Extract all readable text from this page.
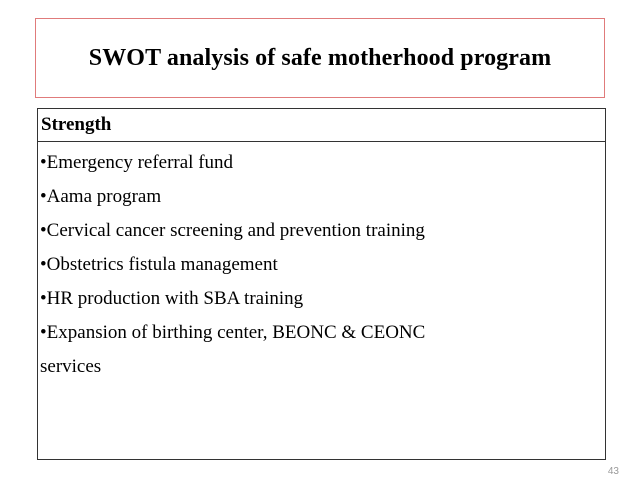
SWOT analysis of safe motherhood program
Strength
•Emergency referral fund
•Aama program
•Cervical cancer screening and prevention training
•Obstetrics fistula management
•HR production with SBA training
•Expansion of birthing center, BEONC & CEONC
services
43
